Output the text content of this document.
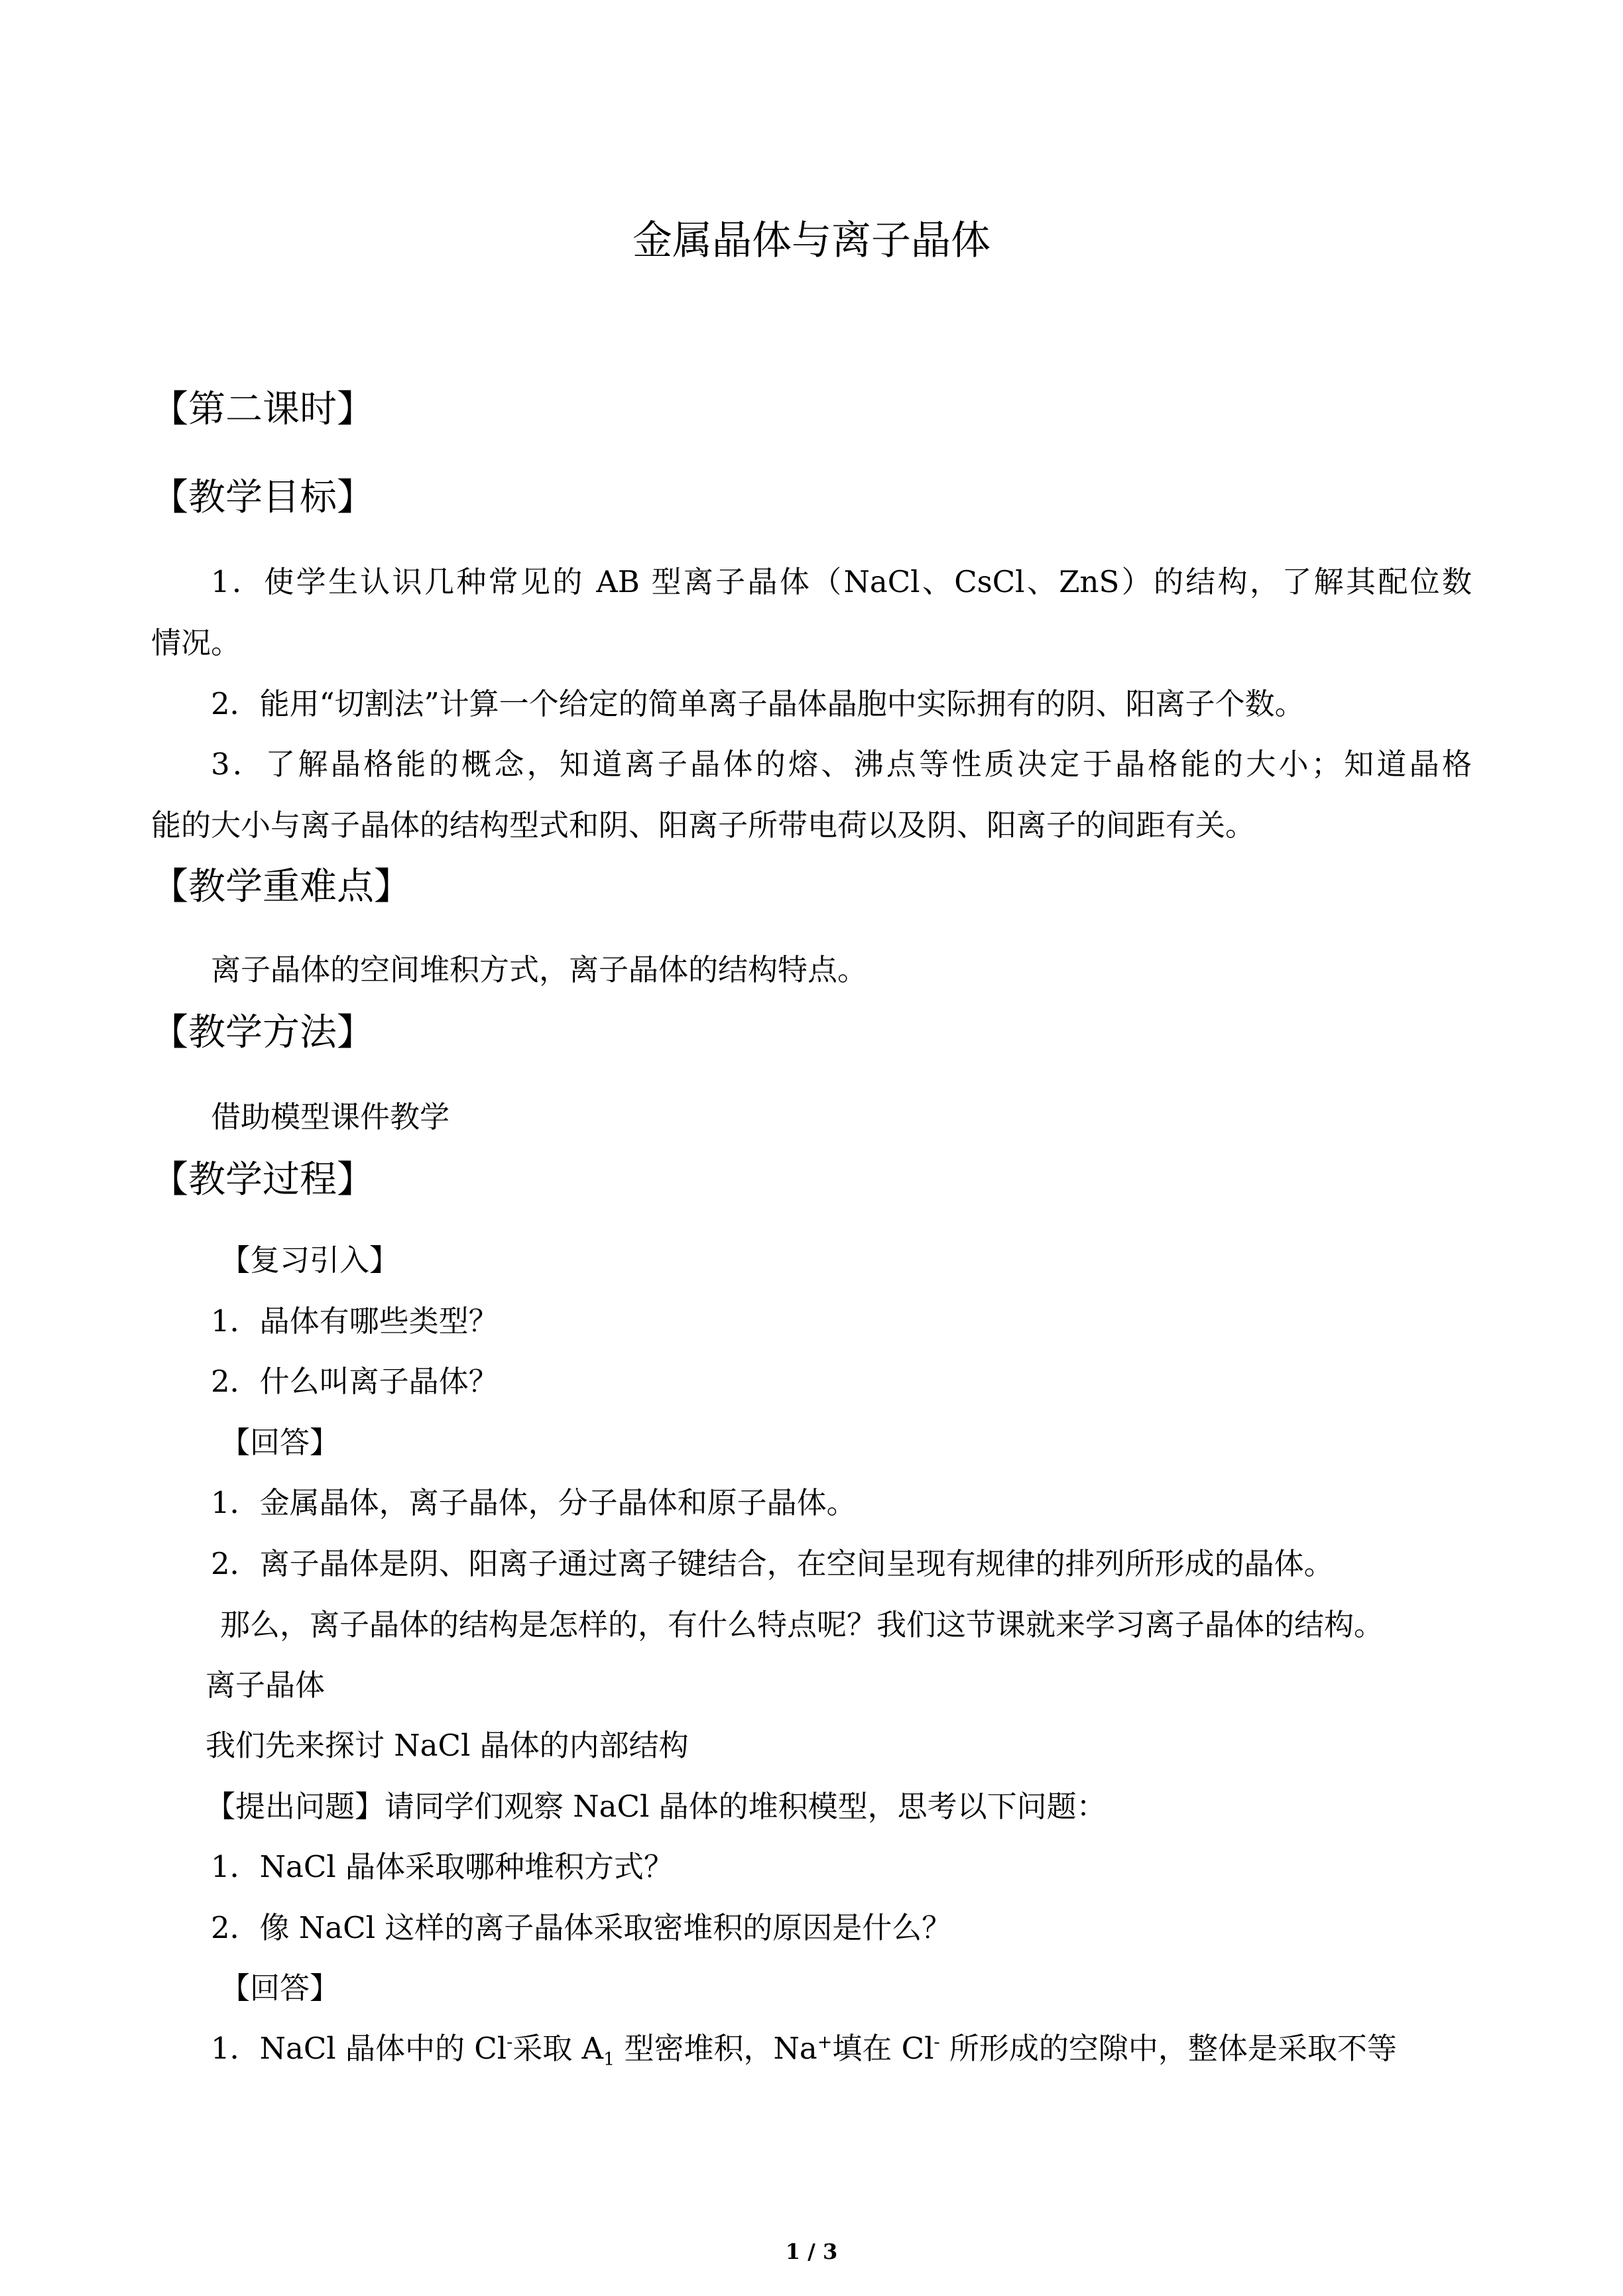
金属晶体与离子晶体
【第二课时】
【教学目标】
1．使学生认识几种常见的 AB 型离子晶体（NaCl、CsCl、ZnS）的结构，了解其配位数
情况。
2．能用“切割法”计算一个给定的简单离子晶体晶胞中实际拥有的阴、阳离子个数。
3．了解晶格能的概念，知道离子晶体的熔、沸点等性质决定于晶格能的大小；知道晶格
能的大小与离子晶体的结构型式和阴、阳离子所带电荷以及阴、阳离子的间距有关。
【教学重难点】
离子晶体的空间堆积方式，离子晶体的结构特点。
【教学方法】
借助模型课件教学
【教学过程】
【复习引入】
1．晶体有哪些类型？
2．什么叫离子晶体？
【回答】
1．金属晶体，离子晶体，分子晶体和原子晶体。
2．离子晶体是阴、阳离子通过离子键结合，在空间呈现有规律的排列所形成的晶体。
那么，离子晶体的结构是怎样的，有什么特点呢？我们这节课就来学习离子晶体的结构。
离子晶体
我们先来探讨 NaCl 晶体的内部结构
【提出问题】请同学们观察 NaCl 晶体的堆积模型，思考以下问题：
1．NaCl 晶体采取哪种堆积方式？
2．像 NaCl 这样的离子晶体采取密堆积的原因是什么？
【回答】
1．NaCl 晶体中的 Cl-采取 $A_1$ 型密堆积，Na+填在 Cl- 所形成的空隙中，整体是采取不等
1 / 3
